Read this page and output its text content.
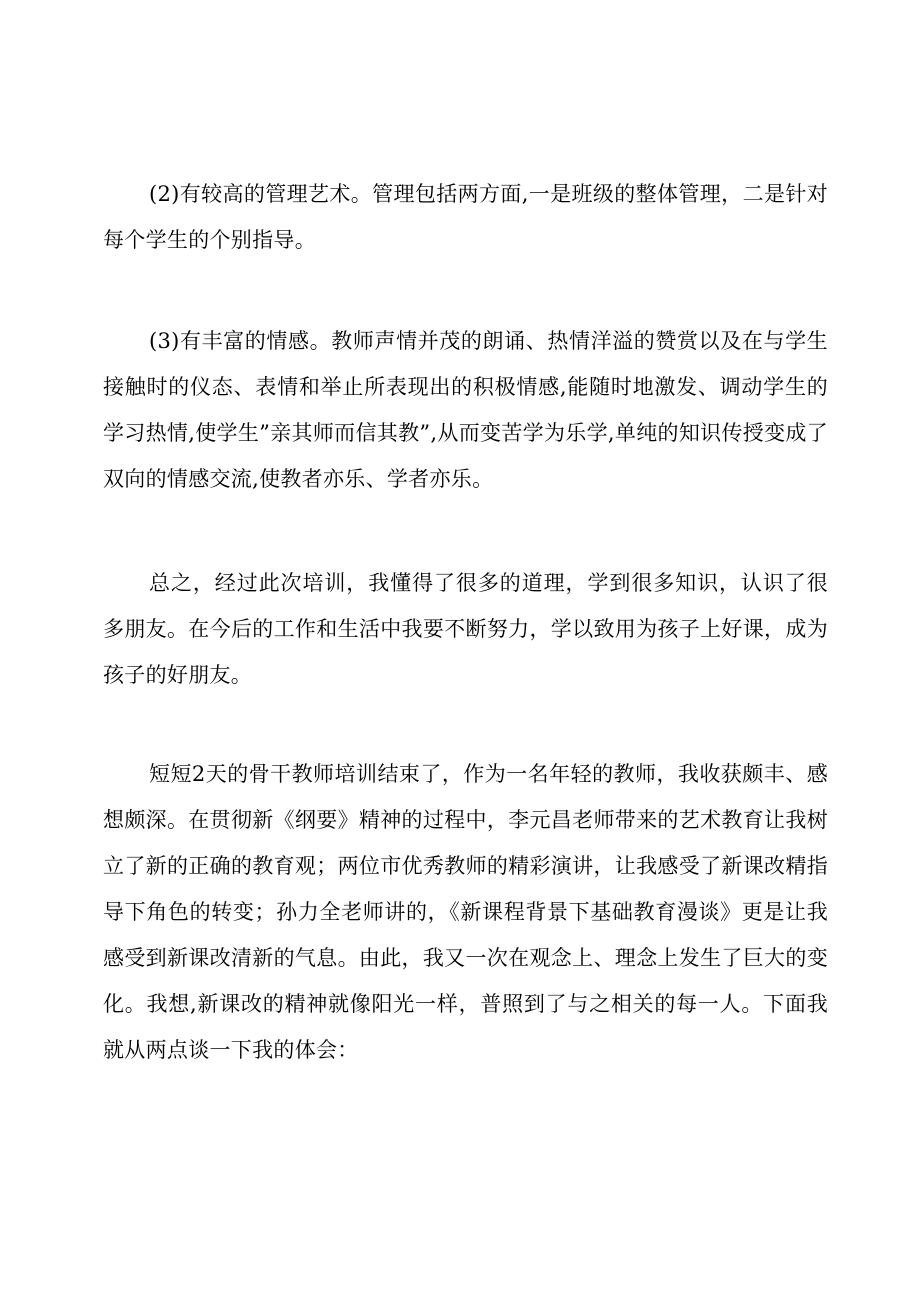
(2)有较高的管理艺术。管理包括两方面,一是班级的整体管理，二是针对每个学生的个别指导。

(3)有丰富的情感。教师声情并茂的朗诵、热情洋溢的赞赏以及在与学生接触时的仪态、表情和举止所表现出的积极情感,能随时地激发、调动学生的学习热情,使学生”亲其师而信其教”,从而变苦学为乐学,单纯的知识传授变成了双向的情感交流,使教者亦乐、学者亦乐。

总之，经过此次培训，我懂得了很多的道理，学到很多知识，认识了很多朋友。在今后的工作和生活中我要不断努力，学以致用为孩子上好课，成为孩子的好朋友。

短短2天的骨干教师培训结束了，作为一名年轻的教师，我收获颇丰、感想颇深。在贯彻新《纲要》精神的过程中，李元昌老师带来的艺术教育让我树立了新的正确的教育观；两位市优秀教师的精彩演讲，让我感受了新课改精指导下角色的转变；孙力全老师讲的，《新课程背景下基础教育漫谈》更是让我感受到新课改清新的气息。由此，我又一次在观念上、理念上发生了巨大的变化。我想,新课改的精神就像阳光一样，普照到了与之相关的每一人。下面我就从两点谈一下我的体会：
